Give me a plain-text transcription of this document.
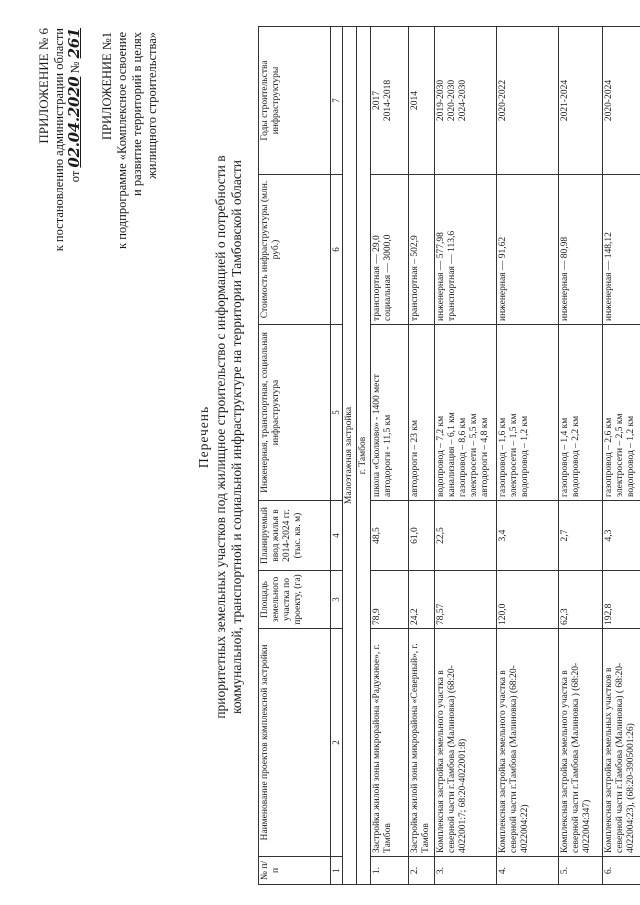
ПРИЛОЖЕНИЕ № 6 к постановлению администрации области от 02.04.2020 № 261 ПРИЛОЖЕНИЕ №1 к подпрограмме «Комплексное освоение и развитие территорий в целях жилищного строительства»
Перечень приоритетных земельных участков под жилищное строительство с информацией о потребности в коммунальной, транспортной и социальной инфраструктуре на территории Тамбовской области
№ п/п	Наименование проектов комплексной застройки	Площадь земельного участка по проекту, (га)	Планируемый ввод жилья в 2014-2024 гг. (тыс. кв. м)	Инженерная, транспортная, социальная инфраструктура	Стоимость инфраструктуры (млн. руб.)	Годы строительства инфраструктуры
1	2	3	4	5	6	7
Малоэтажная застройка						
г. Тамбов						

1.	Застройка жилой зоны микрорайона «Радужное», г. Тамбов	78,9	48,5	школа «Сколково» - 1400 мест автодороги - 11,5 км	транспортная — 29,0 социальная — 3000,0	2017 2014-2018

2.	Застройка жилой зоны микрорайона «Северный», г. Тамбов	24,2	61,0	автодороги – 23 км	транспортная – 502,9	2014

3.	Комплексная застройка земельного участка в северной части г.Тамбова (Малиновка) (68:20-4022001:7; 68:20-4022001:8)	78,57	22,5	водопровод – 7,2 км канализация – 6,1 км газопровод – 8,6 км электросети – 5,5 км автодороги – 4,8 км	инженерная — 577,98 транспортная — 113,6	2019-2030 2020-2030 2024-2030

4.	Комплексная застройка земельного участка в северной части г.Тамбова (Малиновка) (68:20-4022004:22)	120,0	3,4	газопровод – 1,6 км электросети – 1,5 км водопровод – 1,2 км	инженерная — 91,62	2020-2022

5.	Комплексная застройка земельного участка в северной части г.Тамбова (Малиновка ) (68:20-4022004:347)	62,3	2,7	газопровод – 1,4 км водопровод – 2,2 км	инженерная — 80,98	2021-2024

6.	Комплексная застройка земельных участков в северной части г.Тамбова (Малиновка) ( 68:20-4022004:23), (68:20-3905001:26)	192,8	4,3	газопровод – 2,6 км электросети – 2,5 км водопровод – 1,2 км	инженерная — 148,12	2020-2024
